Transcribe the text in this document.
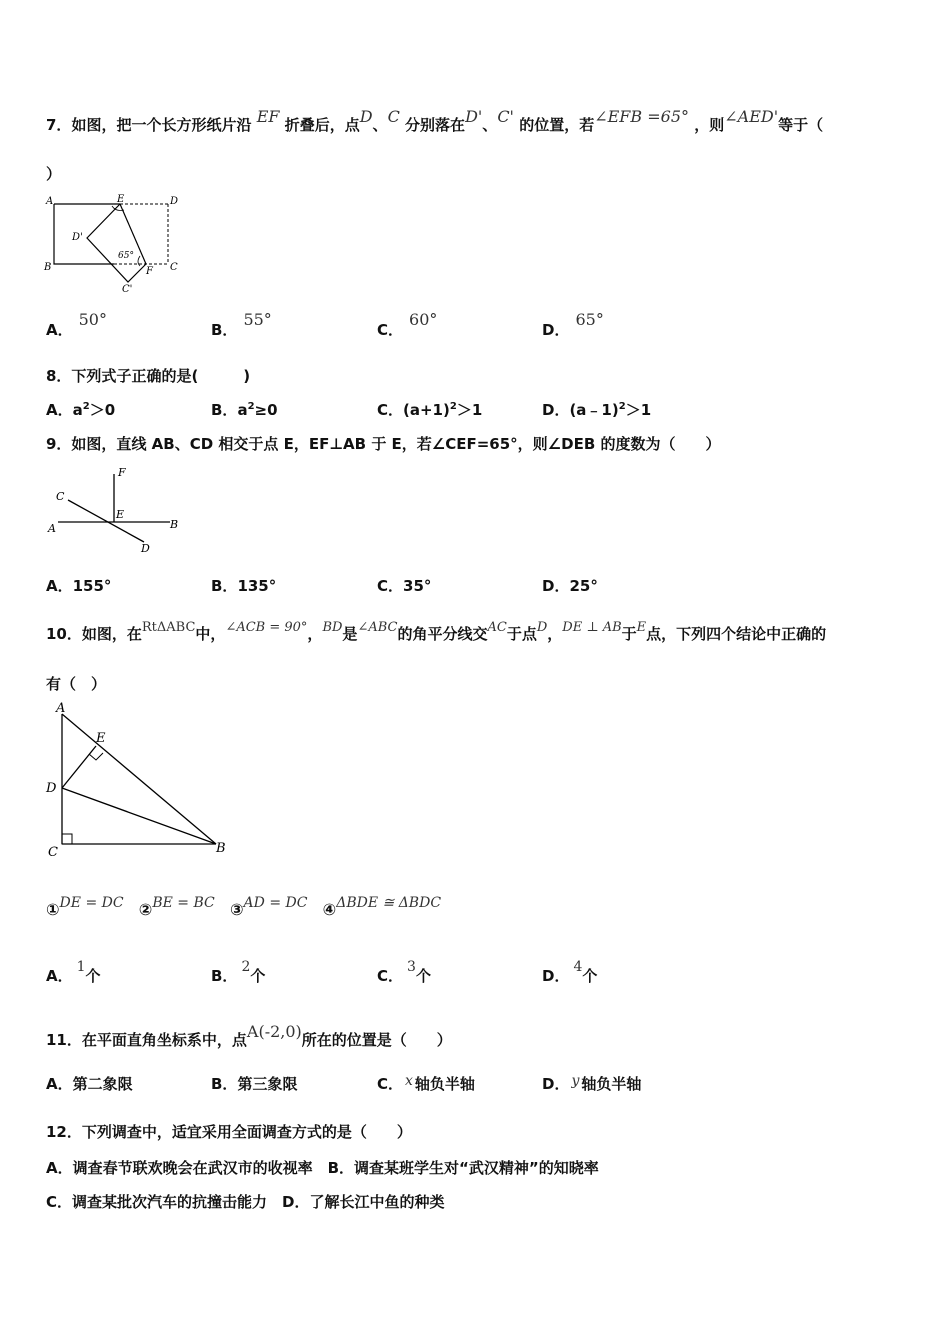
7．如图，把一个长方形纸片沿 EF 折叠后，点D、C 分别落在D'、C' 的位置，若∠EFB =65° ，则∠AED'等于（
）
A	E	D
D'
B	F C
C'
65°
A．50°
B．55°
C．60°
D．65°
8．下列式子正确的是(　　　)
A．$a^2>0$	B．$a^2\ge 0$	C．$(a+1)^2>1$	D．(a﹣1)$^2$＞1
9．如图，直线 AB、CD 相交于点 E，EF⊥AB 于 E，若∠CEF=65°，则∠DEB 的度数为（　　）
F
C
A
E
B
D
A．155°	B．135°	C．35°	D．25°
10．如图，在RtΔABC中，∠ACB = 90°，BD是∠ABC的角平分线交AC于点D，DE ⊥ AB于E点，下列四个结论中正确的
有（　）
A
E
D
C	B
①DE = DC ②BE = BC ③AD = DC ④ΔBDE ≅ ΔBDC
A． 1个	B． 2个	C． 3个	D． 4个
11．在平面直角坐标系中，点A(-2,0)所在的位置是（　　）
A．第二象限	B．第三象限	C． x 轴负半轴	D． y 轴负半轴
12．下列调查中，适宜采用全面调查方式的是（　　）
A．调查春节联欢晚会在武汉市的收视率　B．调查某班学生对“武汉精神”的知晓率
C．调查某批次汽车的抗撞击能力　D．了解长江中鱼的种类
